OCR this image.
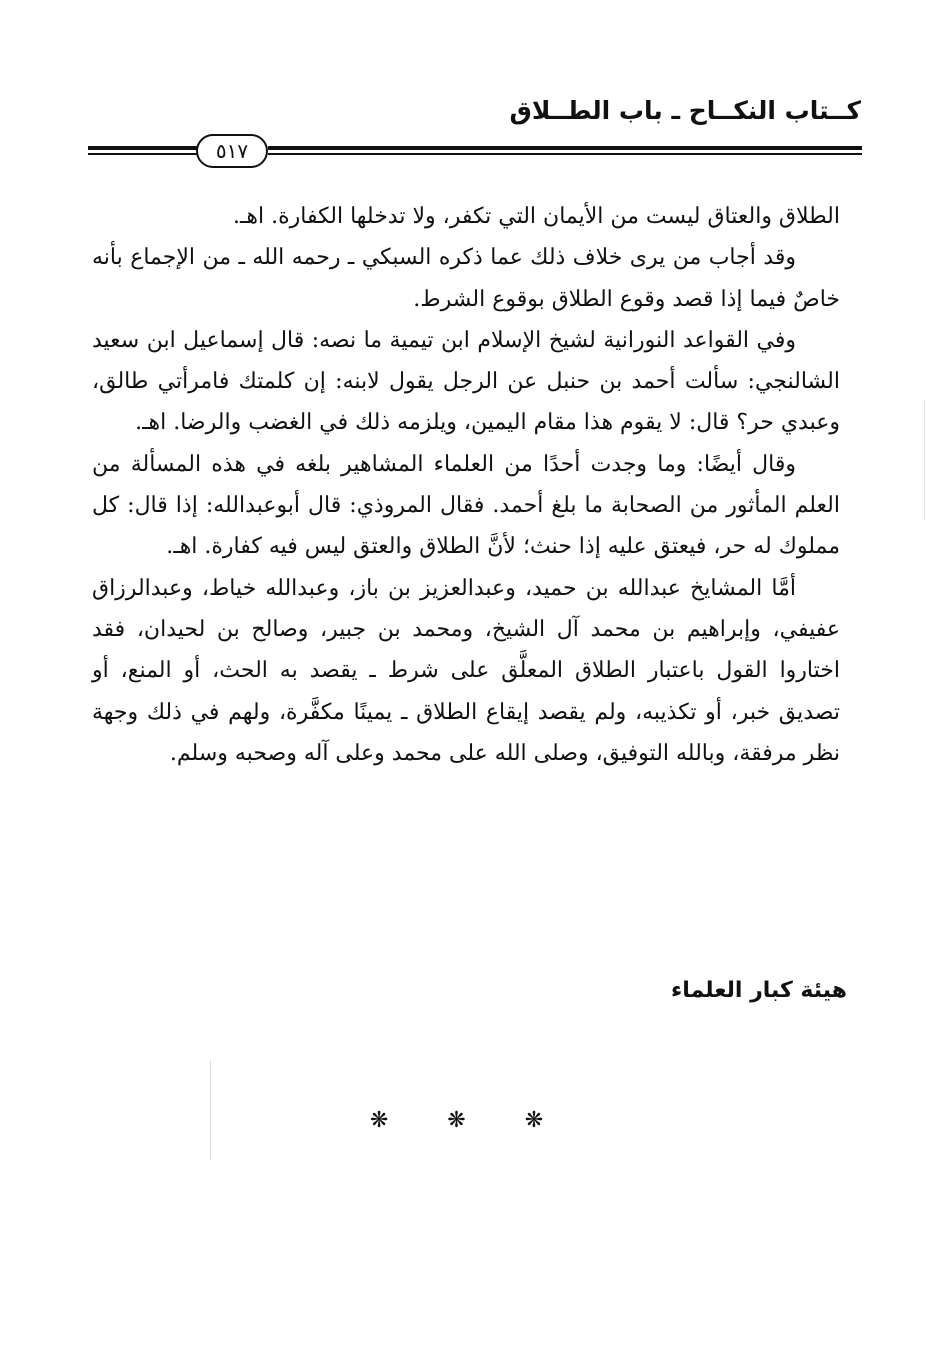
كــتاب النكــاح ـ باب الطــلاق
٥١٧

الطلاق والعتاق ليست من الأيمان التي تكفر، ولا تدخلها الكفارة. اهـ.

وقد أجاب من يرى خلاف ذلك عما ذكره السبكي ـ رحمه الله ـ من الإجماع بأنه خاصٌ فيما إذا قصد وقوع الطلاق بوقوع الشرط.

وفي القواعد النورانية لشيخ الإسلام ابن تيمية ما نصه: قال إسماعيل ابن سعيد الشالنجي: سألت أحمد بن حنبل عن الرجل يقول لابنه: إن كلمتك فامرأتي طالق، وعبدي حر؟ قال: لا يقوم هذا مقام اليمين، ويلزمه ذلك في الغضب والرضا. اهـ.

وقال أيضًا: وما وجدت أحدًا من العلماء المشاهير بلغه في هذه المسألة من العلم المأثور من الصحابة ما بلغ أحمد. فقال المروذي: قال أبوعبدالله: إذا قال: كل مملوك له حر، فيعتق عليه إذا حنث؛ لأنَّ الطلاق والعتق ليس فيه كفارة. اهـ.

أمَّا المشايخ عبدالله بن حميد، وعبدالعزيز بن باز، وعبدالله خياط، وعبدالرزاق عفيفي، وإبراهيم بن محمد آل الشيخ، ومحمد بن جبير، وصالح بن لحيدان، فقد اختاروا القول باعتبار الطلاق المعلَّق على شرط ـ يقصد به الحث، أو المنع، أو تصديق خبر، أو تكذيبه، ولم يقصد إيقاع الطلاق ـ يمينًا مكفَّرة، ولهم في ذلك وجهة نظر مرفقة، وبالله التوفيق، وصلى الله على محمد وعلى آله وصحبه وسلم.

هيئة كبار العلماء
❋ ❋ ❋
